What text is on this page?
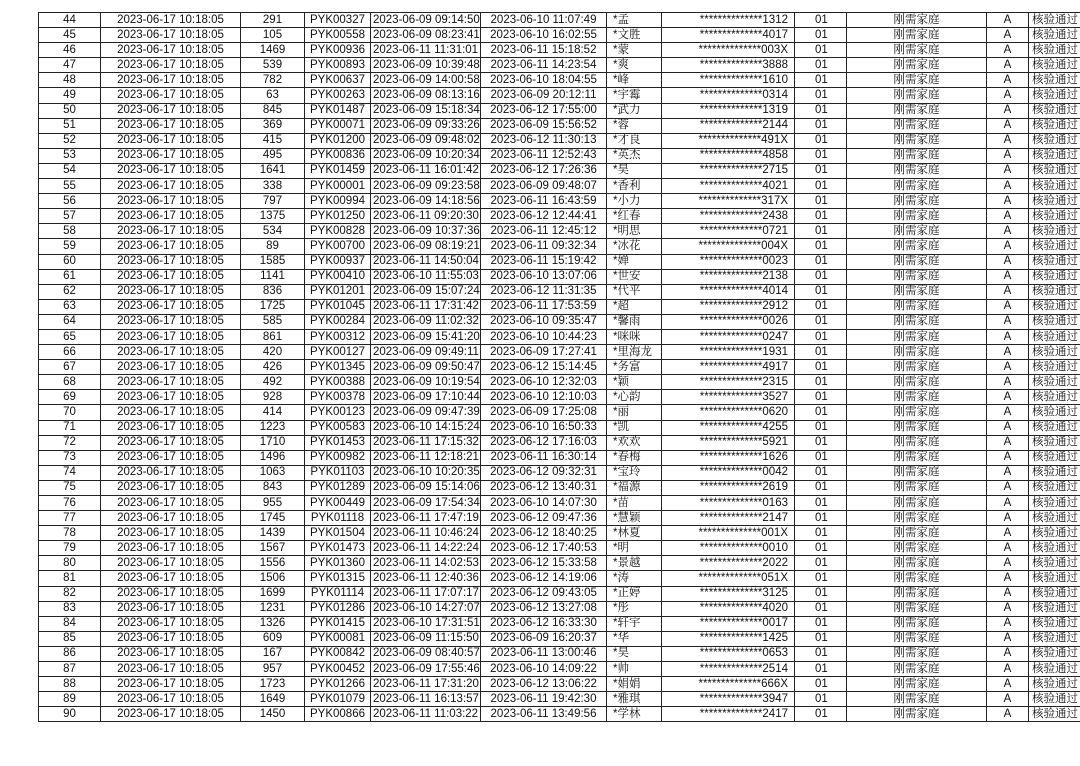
44	2023-06-17 10:18:05	291	PYK00327	2023-06-09 09:14:50	2023-06-10 11:07:49	*孟	**************1312	01	刚需家庭	A	核验通过
45	2023-06-17 10:18:05	105	PYK00558	2023-06-09 08:23:41	2023-06-10 16:02:55	*文胜	**************4017	01	刚需家庭	A	核验通过
46	2023-06-17 10:18:05	1469	PYK00936	2023-06-11 11:31:01	2023-06-11 15:18:52	*蒙	**************003X	01	刚需家庭	A	核验通过
47	2023-06-17 10:18:05	539	PYK00893	2023-06-09 10:39:48	2023-06-11 14:23:54	*爽	**************3888	01	刚需家庭	A	核验通过
48	2023-06-17 10:18:05	782	PYK00637	2023-06-09 14:00:58	2023-06-10 18:04:55	*峰	**************1610	01	刚需家庭	A	核验通过
49	2023-06-17 10:18:05	63	PYK00263	2023-06-09 08:13:16	2023-06-09 20:12:11	*宇霉	**************0314	01	刚需家庭	A	核验通过
50	2023-06-17 10:18:05	845	PYK01487	2023-06-09 15:18:34	2023-06-12 17:55:00	*武力	**************1319	01	刚需家庭	A	核验通过
51	2023-06-17 10:18:05	369	PYK00071	2023-06-09 09:33:26	2023-06-09 15:56:52	*蓉	**************2144	01	刚需家庭	A	核验通过
52	2023-06-17 10:18:05	415	PYK01200	2023-06-09 09:48:02	2023-06-12 11:30:13	*才良	**************491X	01	刚需家庭	A	核验通过
53	2023-06-17 10:18:05	495	PYK00836	2023-06-09 10:20:34	2023-06-11 12:52:43	*英杰	**************4858	01	刚需家庭	A	核验通过
54	2023-06-17 10:18:05	1641	PYK01459	2023-06-11 16:01:42	2023-06-12 17:26:36	*昊	**************2715	01	刚需家庭	A	核验通过
55	2023-06-17 10:18:05	338	PYK00001	2023-06-09 09:23:58	2023-06-09 09:48:07	*香利	**************4021	01	刚需家庭	A	核验通过
56	2023-06-17 10:18:05	797	PYK00994	2023-06-09 14:18:56	2023-06-11 16:43:59	*小力	**************317X	01	刚需家庭	A	核验通过
57	2023-06-17 10:18:05	1375	PYK01250	2023-06-11 09:20:30	2023-06-12 12:44:41	*红春	**************2438	01	刚需家庭	A	核验通过
58	2023-06-17 10:18:05	534	PYK00828	2023-06-09 10:37:36	2023-06-11 12:45:12	*明思	**************0721	01	刚需家庭	A	核验通过
59	2023-06-17 10:18:05	89	PYK00700	2023-06-09 08:19:21	2023-06-11 09:32:34	*冰花	**************004X	01	刚需家庭	A	核验通过
60	2023-06-17 10:18:05	1585	PYK00937	2023-06-11 14:50:04	2023-06-11 15:19:42	*婵	**************0023	01	刚需家庭	A	核验通过
61	2023-06-17 10:18:05	1141	PYK00410	2023-06-10 11:55:03	2023-06-10 13:07:06	*世安	**************2138	01	刚需家庭	A	核验通过
62	2023-06-17 10:18:05	836	PYK01201	2023-06-09 15:07:24	2023-06-12 11:31:35	*代平	**************4014	01	刚需家庭	A	核验通过
63	2023-06-17 10:18:05	1725	PYK01045	2023-06-11 17:31:42	2023-06-11 17:53:59	*超	**************2912	01	刚需家庭	A	核验通过
64	2023-06-17 10:18:05	585	PYK00284	2023-06-09 11:02:32	2023-06-10 09:35:47	*馨雨	**************0026	01	刚需家庭	A	核验通过
65	2023-06-17 10:18:05	861	PYK00312	2023-06-09 15:41:20	2023-06-10 10:44:23	*咪咪	**************0247	01	刚需家庭	A	核验通过
66	2023-06-17 10:18:05	420	PYK00127	2023-06-09 09:49:11	2023-06-09 17:27:41	*里海龙	**************1931	01	刚需家庭	A	核验通过
67	2023-06-17 10:18:05	426	PYK01345	2023-06-09 09:50:47	2023-06-12 15:14:45	*务富	**************4917	01	刚需家庭	A	核验通过
68	2023-06-17 10:18:05	492	PYK00388	2023-06-09 10:19:54	2023-06-10 12:32:03	*颖	**************2315	01	刚需家庭	A	核验通过
69	2023-06-17 10:18:05	928	PYK00378	2023-06-09 17:10:44	2023-06-10 12:10:03	*心韵	**************3527	01	刚需家庭	A	核验通过
70	2023-06-17 10:18:05	414	PYK00123	2023-06-09 09:47:39	2023-06-09 17:25:08	*丽	**************0620	01	刚需家庭	A	核验通过
71	2023-06-17 10:18:05	1223	PYK00583	2023-06-10 14:15:24	2023-06-10 16:50:33	*凯	**************4255	01	刚需家庭	A	核验通过
72	2023-06-17 10:18:05	1710	PYK01453	2023-06-11 17:15:32	2023-06-12 17:16:03	*欢欢	**************5921	01	刚需家庭	A	核验通过
73	2023-06-17 10:18:05	1496	PYK00982	2023-06-11 12:18:21	2023-06-11 16:30:14	*春梅	**************1626	01	刚需家庭	A	核验通过
74	2023-06-17 10:18:05	1063	PYK01103	2023-06-10 10:20:35	2023-06-12 09:32:31	*宝玲	**************0042	01	刚需家庭	A	核验通过
75	2023-06-17 10:18:05	843	PYK01289	2023-06-09 15:14:06	2023-06-12 13:40:31	*福源	**************2619	01	刚需家庭	A	核验通过
76	2023-06-17 10:18:05	955	PYK00449	2023-06-09 17:54:34	2023-06-10 14:07:30	*苗	**************0163	01	刚需家庭	A	核验通过
77	2023-06-17 10:18:05	1745	PYK01118	2023-06-11 17:47:19	2023-06-12 09:47:36	*慧颖	**************2147	01	刚需家庭	A	核验通过
78	2023-06-17 10:18:05	1439	PYK01504	2023-06-11 10:46:24	2023-06-12 18:40:25	*林夏	**************001X	01	刚需家庭	A	核验通过
79	2023-06-17 10:18:05	1567	PYK01473	2023-06-11 14:22:24	2023-06-12 17:40:53	*明	**************0010	01	刚需家庭	A	核验通过
80	2023-06-17 10:18:05	1556	PYK01360	2023-06-11 14:02:53	2023-06-12 15:33:58	*景越	**************2022	01	刚需家庭	A	核验通过
81	2023-06-17 10:18:05	1506	PYK01315	2023-06-11 12:40:36	2023-06-12 14:19:06	*涛	**************051X	01	刚需家庭	A	核验通过
82	2023-06-17 10:18:05	1699	PYK01114	2023-06-11 17:07:17	2023-06-12 09:43:05	*正婷	**************3125	01	刚需家庭	A	核验通过
83	2023-06-17 10:18:05	1231	PYK01286	2023-06-10 14:27:07	2023-06-12 13:27:08	*彤	**************4020	01	刚需家庭	A	核验通过
84	2023-06-17 10:18:05	1326	PYK01415	2023-06-10 17:31:51	2023-06-12 16:33:30	*轩宇	**************0017	01	刚需家庭	A	核验通过
85	2023-06-17 10:18:05	609	PYK00081	2023-06-09 11:15:50	2023-06-09 16:20:37	*华	**************1425	01	刚需家庭	A	核验通过
86	2023-06-17 10:18:05	167	PYK00842	2023-06-09 08:40:57	2023-06-11 13:00:46	*昊	**************0653	01	刚需家庭	A	核验通过
87	2023-06-17 10:18:05	957	PYK00452	2023-06-09 17:55:46	2023-06-10 14:09:22	*帅	**************2514	01	刚需家庭	A	核验通过
88	2023-06-17 10:18:05	1723	PYK01266	2023-06-11 17:31:20	2023-06-12 13:06:22	*娟娟	**************666X	01	刚需家庭	A	核验通过
89	2023-06-17 10:18:05	1649	PYK01079	2023-06-11 16:13:57	2023-06-11 19:42:30	*雅琪	**************3947	01	刚需家庭	A	核验通过
90	2023-06-17 10:18:05	1450	PYK00866	2023-06-11 11:03:22	2023-06-11 13:49:56	*学林	**************2417	01	刚需家庭	A	核验通过
